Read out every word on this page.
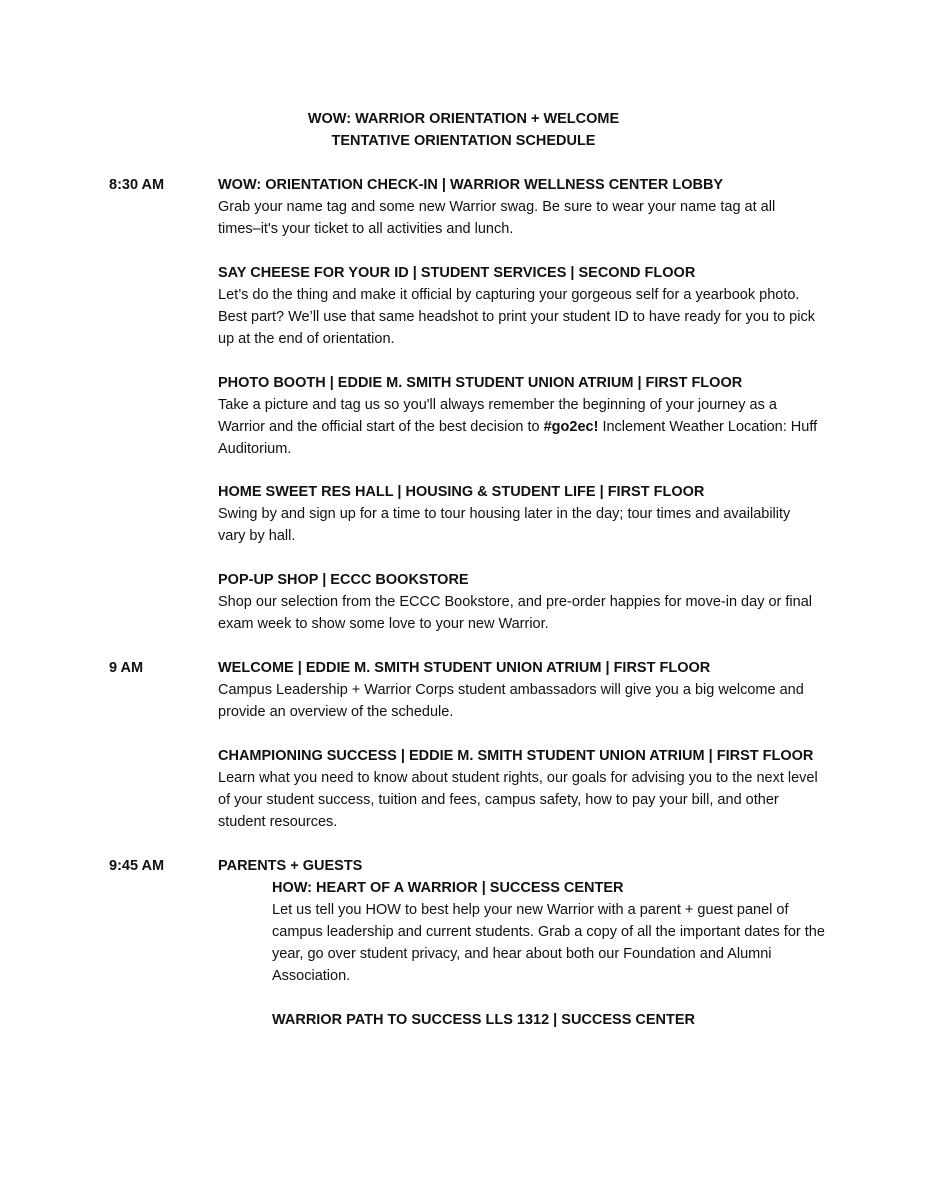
WOW: WARRIOR ORIENTATION + WELCOME
TENTATIVE ORIENTATION SCHEDULE
8:30 AM	WOW: ORIENTATION CHECK-IN | WARRIOR WELLNESS CENTER LOBBY
Grab your name tag and some new Warrior swag. Be sure to wear your name tag at all times–it's your ticket to all activities and lunch.
SAY CHEESE FOR YOUR ID | STUDENT SERVICES | SECOND FLOOR
Let’s do the thing and make it official by capturing your gorgeous self for a yearbook photo. Best part? We’ll use that same headshot to print your student ID to have ready for you to pick up at the end of orientation.
PHOTO BOOTH | EDDIE M. SMITH STUDENT UNION ATRIUM | FIRST FLOOR
Take a picture and tag us so you'll always remember the beginning of your journey as a Warrior and the official start of the best decision to #go2ec! Inclement Weather Location: Huff Auditorium.
HOME SWEET RES HALL | HOUSING & STUDENT LIFE | FIRST FLOOR
Swing by and sign up for a time to tour housing later in the day; tour times and availability vary by hall.
POP-UP SHOP | ECCC BOOKSTORE
Shop our selection from the ECCC Bookstore, and pre-order happies for move-in day or final exam week to show some love to your new Warrior.
9 AM	WELCOME | EDDIE M. SMITH STUDENT UNION ATRIUM | FIRST FLOOR
Campus Leadership + Warrior Corps student ambassadors will give you a big welcome and provide an overview of the schedule.
CHAMPIONING SUCCESS | EDDIE M. SMITH STUDENT UNION ATRIUM | FIRST FLOOR
Learn what you need to know about student rights, our goals for advising you to the next level of your student success, tuition and fees, campus safety, how to pay your bill, and other student resources.
9:45 AM	PARENTS + GUESTS
HOW: HEART OF A WARRIOR | SUCCESS CENTER
Let us tell you HOW to best help your new Warrior with a parent + guest panel of campus leadership and current students. Grab a copy of all the important dates for the year, go over student privacy, and hear about both our Foundation and Alumni Association.
WARRIOR PATH TO SUCCESS LLS 1312 | SUCCESS CENTER
